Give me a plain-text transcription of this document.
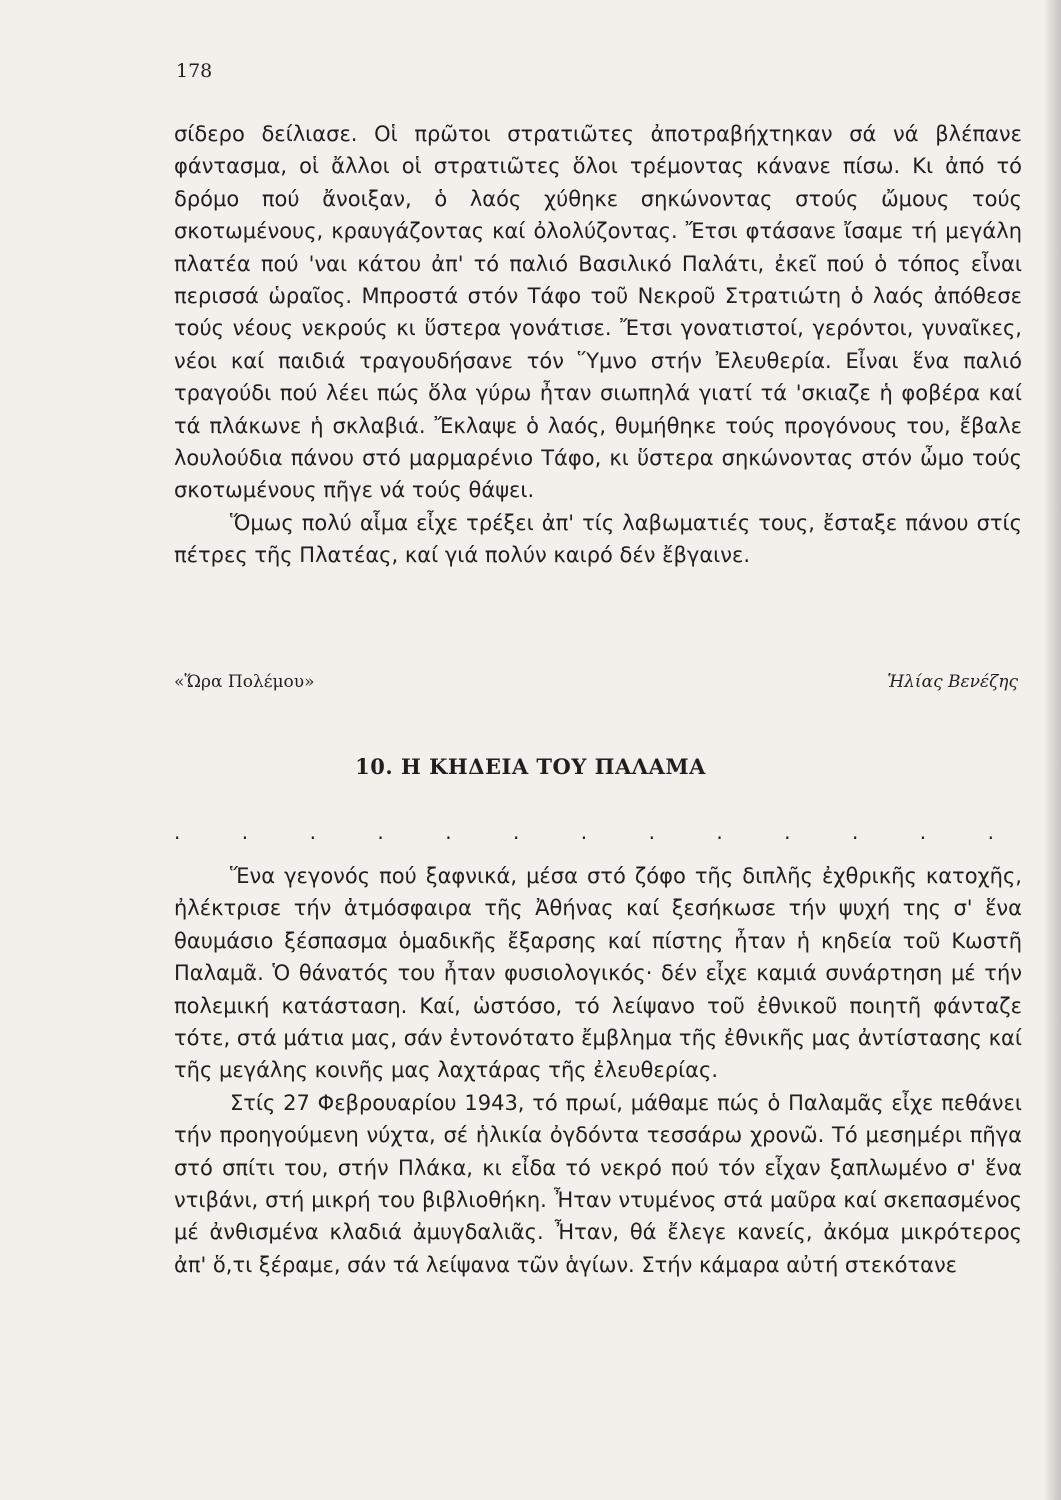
178

σίδερο δείλιασε. Οἱ πρῶτοι στρατιῶτες ἀποτραβήχτηκαν σά νά βλέπανε φάντασμα, οἱ ἄλλοι οἱ στρατιῶτες ὅλοι τρέμοντας κάνανε πίσω. Κι ἀπό τό δρόμο πού ἄνοιξαν, ὁ λαός χύθηκε σηκώνοντας στούς ὤμους τούς σκοτωμένους, κραυγάζοντας καί ὀλολύζοντας. Ἔτσι φτάσανε ἴσαμε τή μεγάλη πλατέα πού 'ναι κάτου ἀπ' τό παλιό Βασιλικό Παλάτι, ἐκεῖ πού ὁ τόπος εἶναι περισσά ὡραῖος. Μπροστά στόν Τάφο τοῦ Νεκροῦ Στρατιώτη ὁ λαός ἀπόθεσε τούς νέους νεκρούς κι ὕστερα γονάτισε. Ἔτσι γονατιστοί, γερόντοι, γυναῖκες, νέοι καί παιδιά τραγουδήσανε τόν Ὕμνο στήν Ἐλευθερία. Εἶναι ἕνα παλιό τραγούδι πού λέει πώς ὅλα γύρω ἦταν σιωπηλά γιατί τά 'σκιαζε ἡ φοβέρα καί τά πλάκωνε ἡ σκλαβιά. Ἔκλαψε ὁ λαός, θυμήθηκε τούς προγόνους του, ἔβαλε λουλούδια πάνου στό μαρμαρένιο Τάφο, κι ὕστερα σηκώνοντας στόν ὦμο τούς σκοτωμένους πῆγε νά τούς θάψει.

Ὅμως πολύ αἷμα εἶχε τρέξει ἀπ' τίς λαβωματιές τους, ἔσταξε πάνου στίς πέτρες τῆς Πλατέας, καί γιά πολύν καιρό δέν ἔβγαινε.

«Ὥρα Πολέμου»	Ἡλίας Βενέζης
10. Η ΚΗΔΕΙΑ ΤΟΥ ΠΑΛΑΜΑ
.	.	.	.	.	.	.	.	.	.	.	.	.

Ἕνα γεγονός πού ξαφνικά, μέσα στό ζόφο τῆς διπλῆς ἐχθρικῆς κατοχῆς, ἠλέκτρισε τήν ἀτμόσφαιρα τῆς Ἀθήνας καί ξεσήκωσε τήν ψυχή της σ' ἕνα θαυμάσιο ξέσπασμα ὁμαδικῆς ἔξαρσης καί πίστης ἦταν ἡ κηδεία τοῦ Κωστῆ Παλαμᾶ. Ὁ θάνατός του ἦταν φυσιολογικός· δέν εἶχε καμιά συνάρτηση μέ τήν πολεμική κατάσταση. Καί, ὡστόσο, τό λείψανο τοῦ ἐθνικοῦ ποιητῆ φάνταζε τότε, στά μάτια μας, σάν ἐντονότατο ἔμβλημα τῆς ἐθνικῆς μας ἀντίστασης καί τῆς μεγάλης κοινῆς μας λαχτάρας τῆς ἐλευθερίας.

Στίς 27 Φεβρουαρίου 1943, τό πρωί, μάθαμε πώς ὁ Παλαμᾶς εἶχε πεθάνει τήν προηγούμενη νύχτα, σέ ἡλικία ὀγδόντα τεσσάρω χρονῶ. Τό μεσημέρι πῆγα στό σπίτι του, στήν Πλάκα, κι εἶδα τό νεκρό πού τόν εἶχαν ξαπλωμένο σ' ἕνα ντιβάνι, στή μικρή του βιβλιοθήκη. Ἦταν ντυμένος στά μαῦρα καί σκεπασμένος μέ ἀνθισμένα κλαδιά ἀμυγδαλιᾶς. Ἦταν, θά ἔλεγε κανείς, ἀκόμα μικρότερος ἀπ' ὅ,τι ξέραμε, σάν τά λείψανα τῶν ἁγίων. Στήν κάμαρα αὐτή στεκότανε
